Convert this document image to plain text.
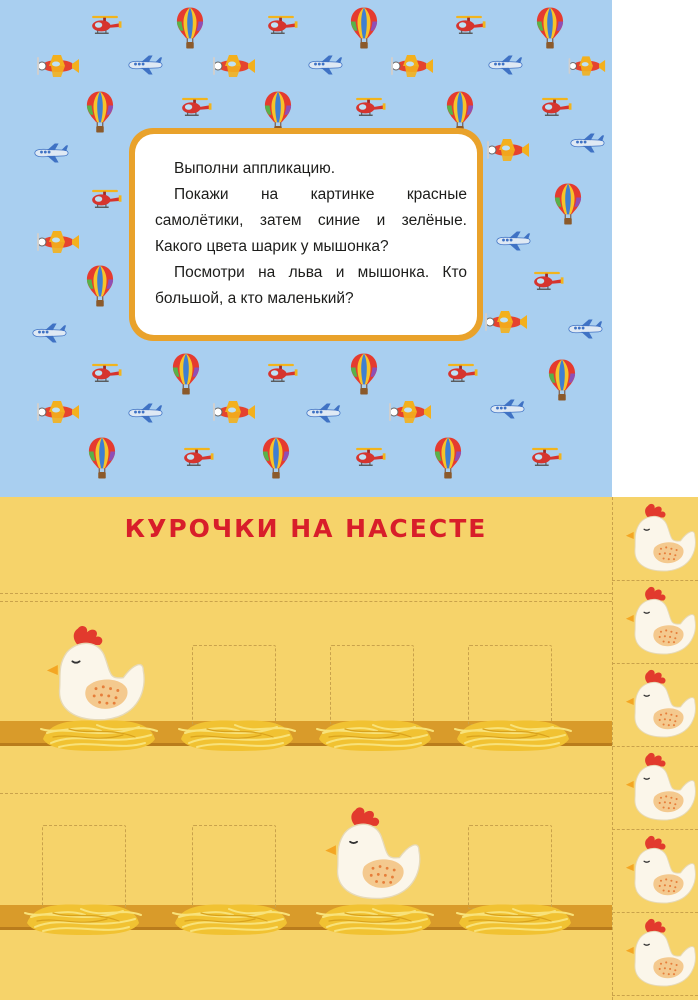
Выполни аппликацию.

Покажи на картинке красные самолётики, затем синие и зелёные. Какого цвета шарик у мышонка?

Посмотри на льва и мышонка. Кто большой, а кто маленький?

КУРОЧКИ НА НАСЕСТЕ
